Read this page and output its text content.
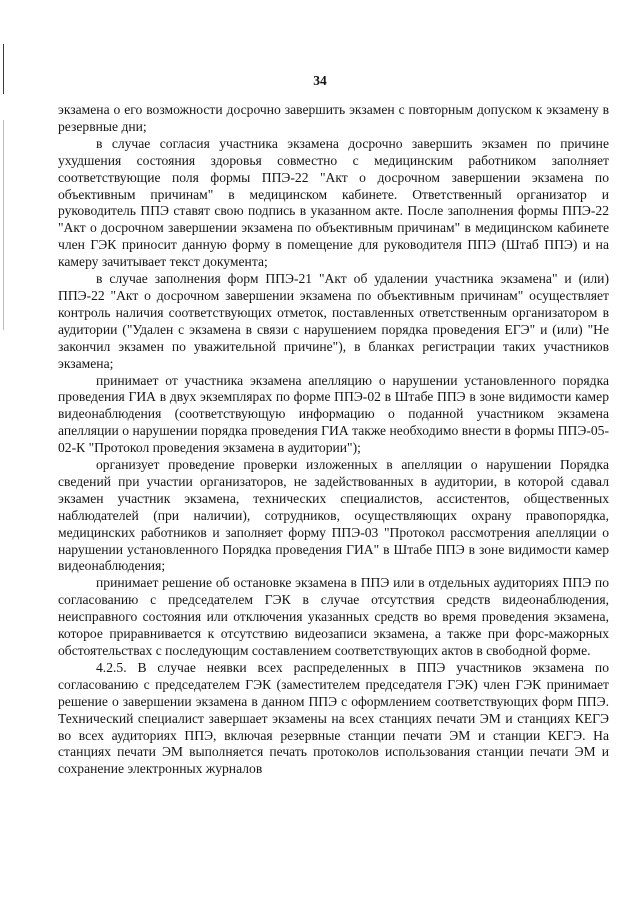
34

экзамена о его возможности досрочно завершить экзамен с повторным допуском к экзамену в резервные дни;

в случае согласия участника экзамена досрочно завершить экзамен по причине ухудшения состояния здоровья совместно с медицинским работником заполняет соответствующие поля формы ППЭ-22 "Акт о досрочном завершении экзамена по объективным причинам" в медицинском кабинете. Ответственный организатор и руководитель ППЭ ставят свою подпись в указанном акте. После заполнения формы ППЭ-22 "Акт о досрочном завершении экзамена по объективным причинам" в медицинском кабинете член ГЭК приносит данную форму в помещение для руководителя ППЭ (Штаб ППЭ) и на камеру зачитывает текст документа;

в случае заполнения форм ППЭ-21 "Акт об удалении участника экзамена" и (или) ППЭ-22 "Акт о досрочном завершении экзамена по объективным причинам" осуществляет контроль наличия соответствующих отметок, поставленных ответственным организатором в аудитории ("Удален с экзамена в связи с нарушением порядка проведения ЕГЭ" и (или) "Не закончил экзамен по уважительной причине"), в бланках регистрации таких участников экзамена;

принимает от участника экзамена апелляцию о нарушении установленного порядка проведения ГИА в двух экземплярах по форме ППЭ-02 в Штабе ППЭ в зоне видимости камер видеонаблюдения (соответствующую информацию о поданной участником экзамена апелляции о нарушении порядка проведения ГИА также необходимо внести в формы ППЭ-05-02-К "Протокол проведения экзамена в аудитории");

организует проведение проверки изложенных в апелляции о нарушении Порядка сведений при участии организаторов, не задействованных в аудитории, в которой сдавал экзамен участник экзамена, технических специалистов, ассистентов, общественных наблюдателей (при наличии), сотрудников, осуществляющих охрану правопорядка, медицинских работников и заполняет форму ППЭ-03 "Протокол рассмотрения апелляции о нарушении установленного Порядка проведения ГИА" в Штабе ППЭ в зоне видимости камер видеонаблюдения;

принимает решение об остановке экзамена в ППЭ или в отдельных аудиториях ППЭ по согласованию с председателем ГЭК в случае отсутствия средств видеонаблюдения, неисправного состояния или отключения указанных средств во время проведения экзамена, которое приравнивается к отсутствию видеозаписи экзамена, а также при форс-мажорных обстоятельствах с последующим составлением соответствующих актов в свободной форме.

4.2.5. В случае неявки всех распределенных в ППЭ участников экзамена по согласованию с председателем ГЭК (заместителем председателя ГЭК) член ГЭК принимает решение о завершении экзамена в данном ППЭ с оформлением соответствующих форм ППЭ. Технический специалист завершает экзамены на всех станциях печати ЭМ и станциях КЕГЭ во всех аудиториях ППЭ, включая резервные станции печати ЭМ и станции КЕГЭ. На станциях печати ЭМ выполняется печать протоколов использования станции печати ЭМ и сохранение электронных журналов
